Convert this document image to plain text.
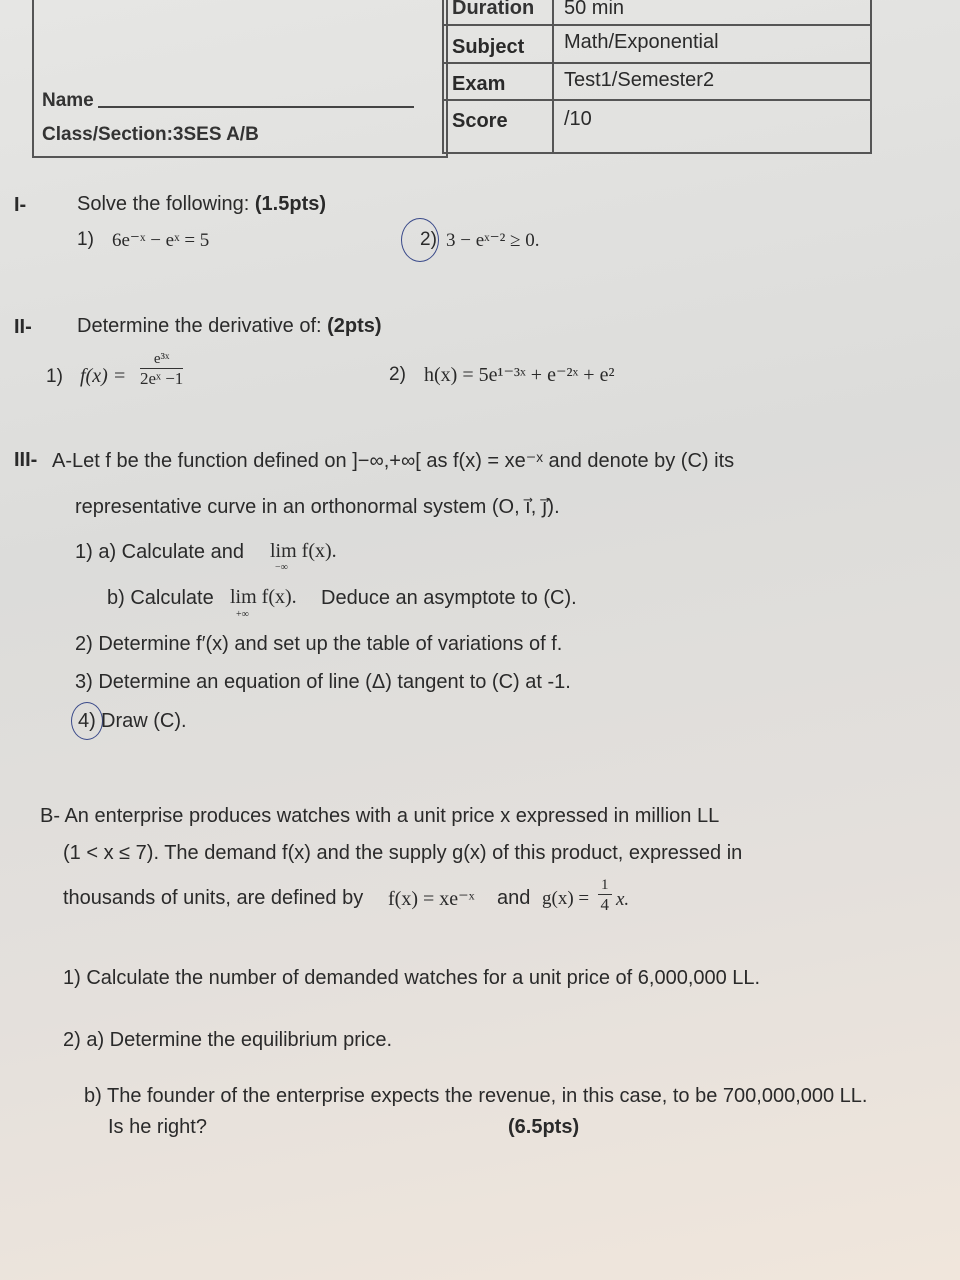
Duration 50 min
Subject Math/Exponential
Exam	Test1/Semester2
Score	/10
Name
Class/Section:3SES A/B
I-	Solve the following: (1.5pts)
1) 6e⁻ˣ − eˣ = 5	2) 3 − eˣ⁻² ≥ 0.
II- Determine the derivative of: (2pts)
1) $f(x) = \frac{\text{e³ˣ}}{\text{2eˣ −1}}$	2) h(x) = 5e¹⁻³ˣ + e⁻²ˣ + e²
III- A-Let f be the function defined on ]−∞,+∞[ as f(x) = xe⁻ˣ and denote by (C) its
representative curve in an orthonormal system (O, i⃗, j⃗).
1) a) Calculate and lim f(x).
−∞
b) Calculate lim f(x).
+∞
Deduce an asymptote to (C).
2) Determine f′(x) and set up the table of variations of f.
3) Determine an equation of line (Δ) tangent to (C) at -1.
4) Draw (C).
B- An enterprise produces watches with a unit price x expressed in million LL
(1 < x ≤ 7). The demand f(x) and the supply g(x) of this product, expressed in
thousands of units, are defined by f(x) = xe⁻ˣ and $g(x) = \frac{1}{4} x$.
1) Calculate the number of demanded watches for a unit price of 6,000,000 LL.
2) a) Determine the equilibrium price.
b) The founder of the enterprise expects the revenue, in this case, to be 700,000,000 LL.
Is he right?	(6.5pts)
